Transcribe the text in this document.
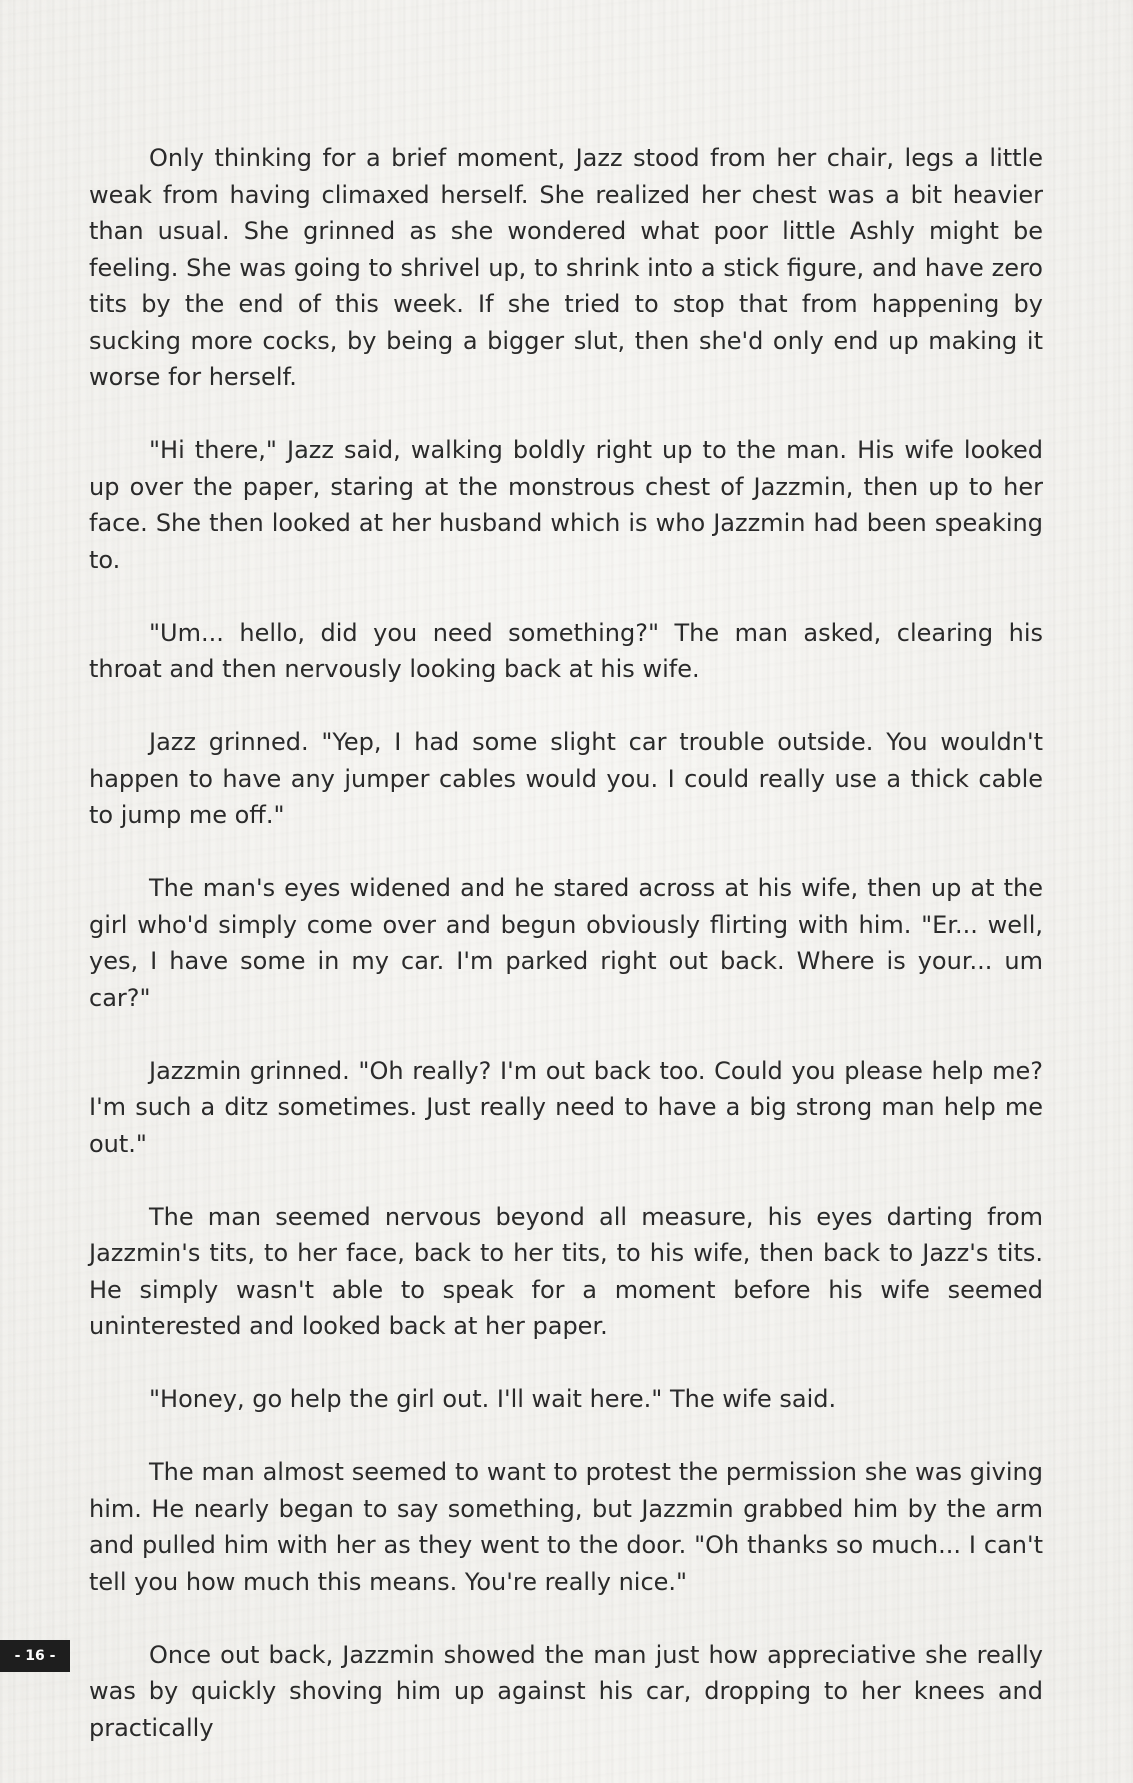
Only thinking for a brief moment, Jazz stood from her chair, legs a little weak from having climaxed herself. She realized her chest was a bit heavier than usual. She grinned as she wondered what poor little Ashly might be feeling. She was going to shrivel up, to shrink into a stick figure, and have zero tits by the end of this week. If she tried to stop that from happening by sucking more cocks, by being a bigger slut, then she'd only end up making it worse for herself.

"Hi there," Jazz said, walking boldly right up to the man. His wife looked up over the paper, staring at the monstrous chest of Jazzmin, then up to her face. She then looked at her husband which is who Jazzmin had been speaking to.

"Um... hello, did you need something?" The man asked, clearing his throat and then nervously looking back at his wife.

Jazz grinned. "Yep, I had some slight car trouble outside. You wouldn't happen to have any jumper cables would you. I could really use a thick cable to jump me off."

The man's eyes widened and he stared across at his wife, then up at the girl who'd simply come over and begun obviously flirting with him. "Er... well, yes, I have some in my car. I'm parked right out back. Where is your... um car?"

Jazzmin grinned. "Oh really? I'm out back too. Could you please help me? I'm such a ditz sometimes. Just really need to have a big strong man help me out."

The man seemed nervous beyond all measure, his eyes darting from Jazzmin's tits, to her face, back to her tits, to his wife, then back to Jazz's tits. He simply wasn't able to speak for a moment before his wife seemed uninterested and looked back at her paper.

"Honey, go help the girl out. I'll wait here." The wife said.

The man almost seemed to want to protest the permission she was giving him. He nearly began to say something, but Jazzmin grabbed him by the arm and pulled him with her as they went to the door. "Oh thanks so much... I can't tell you how much this means. You're really nice."

Once out back, Jazzmin showed the man just how appreciative she really was by quickly shoving him up against his car, dropping to her knees and practically

- 16 -
